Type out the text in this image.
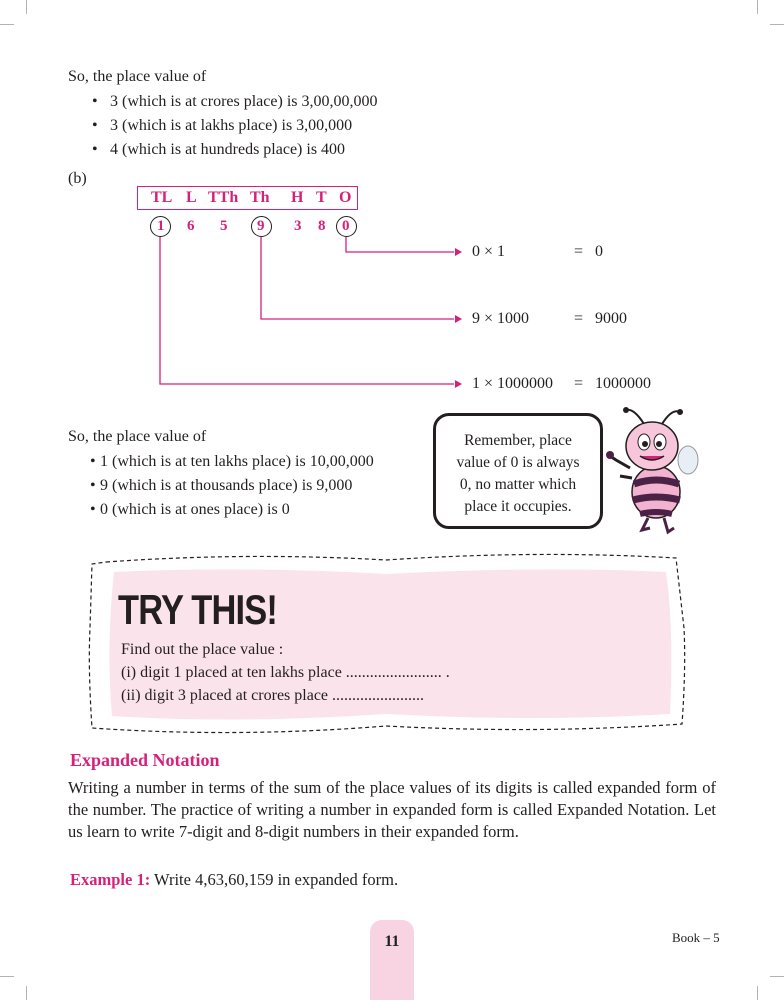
So, the place value of
• 3 (which is at crores place) is 3,00,00,000
• 3 (which is at lakhs place) is 3,00,000
• 4 (which is at hundreds place) is 400
(b)
TL L TTh Th H T O
1 6 5 9 3 8 0
0 × 1	= 0
9 × 1000	= 9000
1 × 1000000 = 1000000
So, the place value of
• 1 (which is at ten lakhs place) is 10,00,000
• 9 (which is at thousands place) is 9,000
• 0 (which is at ones place) is 0
Remember, place
value of 0 is always
0, no matter which
place it occupies.
TRY THIS!
Find out the place value :
(i) digit 1 placed at ten lakhs place ........................ .
(ii) digit 3 placed at crores place .......................
Expanded Notation
Writing a number in terms of the sum of the place values of its digits is called expanded form of the number. The practice of writing a number in expanded form is called Expanded Notation. Let us learn to write 7-digit and 8-digit numbers in their expanded form.
Example 1: Write 4,63,60,159 in expanded form.
11	Book – 5
